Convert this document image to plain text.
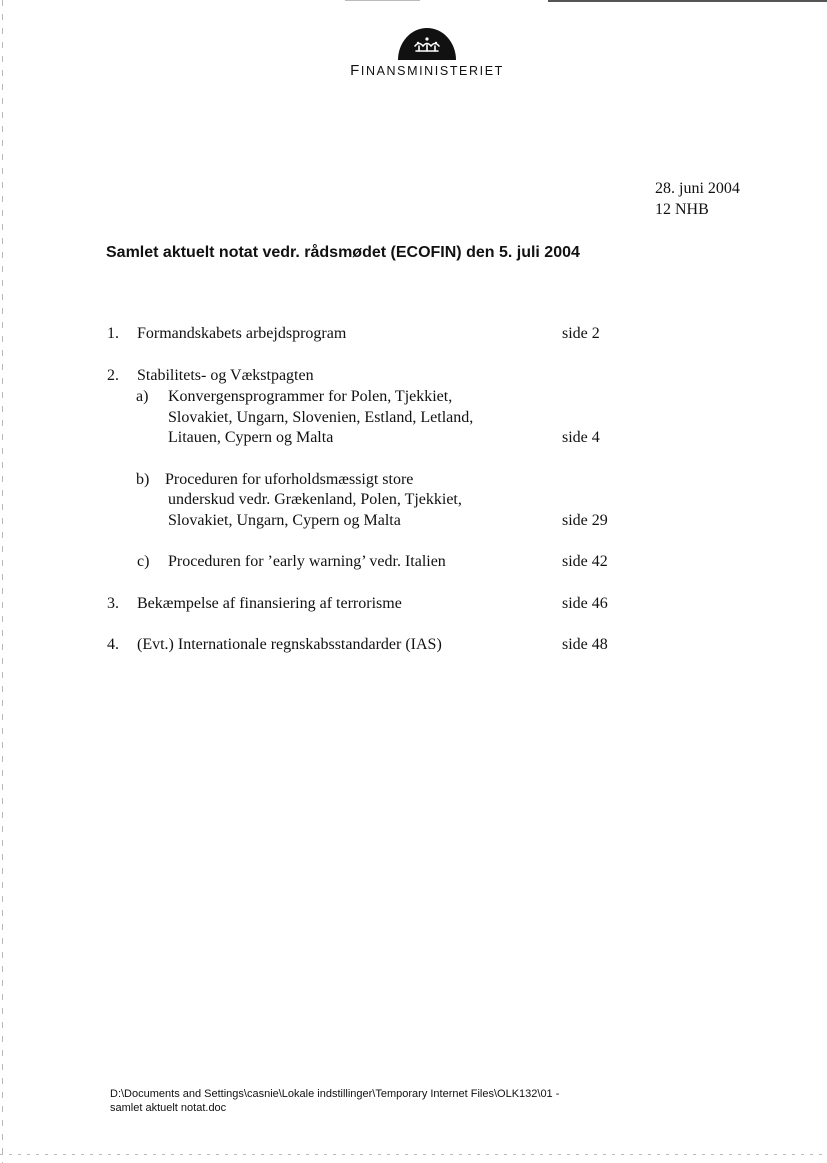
FINANSMINISTERIET
28. juni 2004
12 NHB
Samlet aktuelt notat vedr. rådsmødet (ECOFIN) den 5. juli 2004
1. Formandskabets arbejdsprogram	side 2
2. Stabilitets- og Vækstpagten
a) Konvergensprogrammer for Polen, Tjekkiet,
Slovakiet, Ungarn, Slovenien, Estland, Letland,
Litauen, Cypern og Malta	side 4
b) Proceduren for uforholdsmæssigt store
underskud vedr. Grækenland, Polen, Tjekkiet,
Slovakiet, Ungarn, Cypern og Malta	side 29
c) Proceduren for ’early warning’ vedr. Italien	side 42
3. Bekæmpelse af finansiering af terrorisme	side 46
4. (Evt.) Internationale regnskabsstandarder (IAS)	side 48
D:\Documents and Settings\casnie\Lokale indstillinger\Temporary Internet Files\OLK132\01 -
samlet aktuelt notat.doc
